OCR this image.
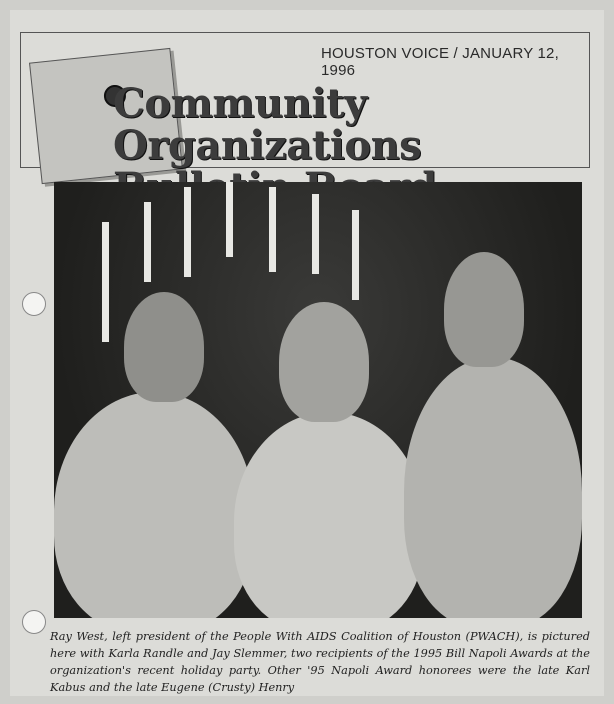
HOUSTON VOICE / JANUARY 12, 1996
Community Organizations

Ray West, left president of the People With AIDS Coalition of Houston (PWACH), is pictured here with Karla Randle and Jay Slemmer, two recipients of the 1995 Bill Napoli Awards at the organization's recent holiday party. Other '95 Napoli Award honorees were the late Karl Kabus and the late Eugene (Crusty) Henry
